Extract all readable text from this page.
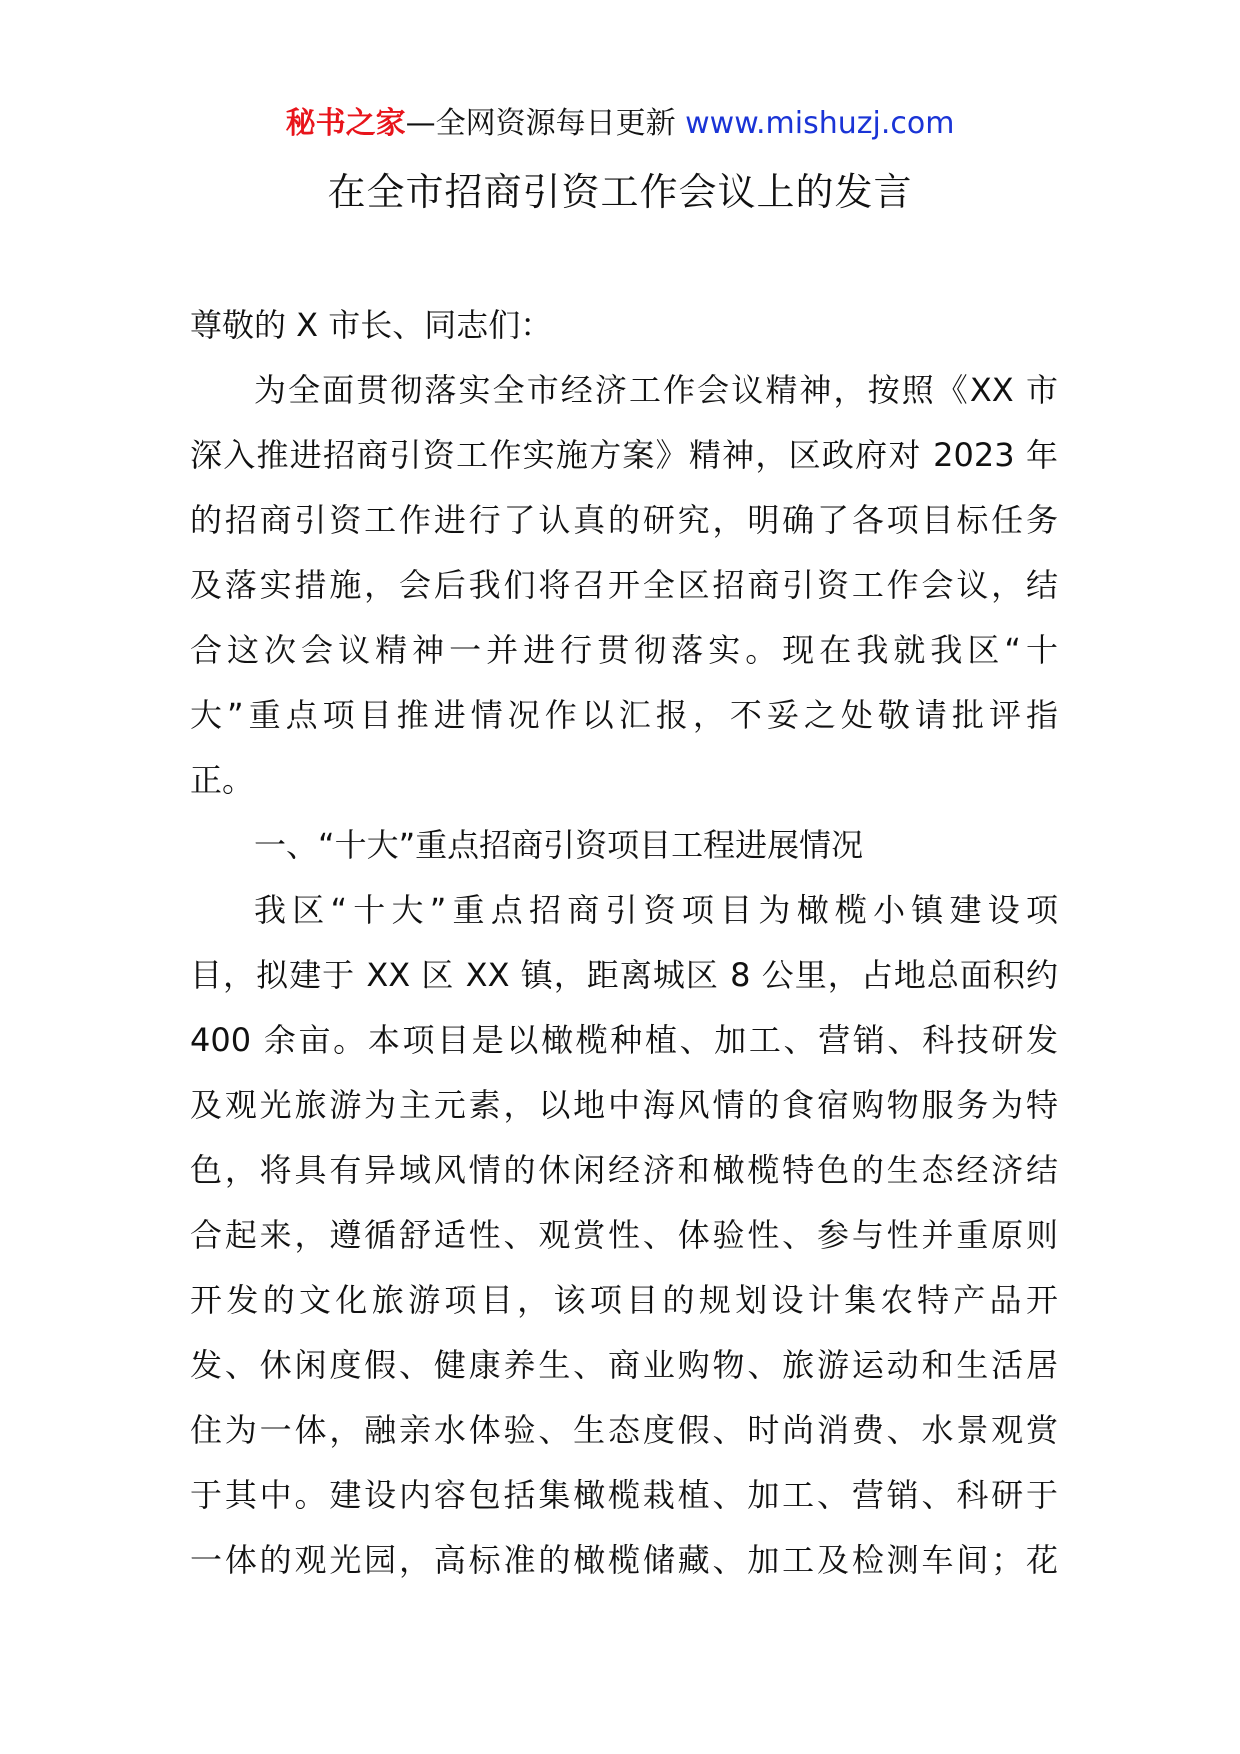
秘书之家—全网资源每日更新 www.mishuzj.com
在全市招商引资工作会议上的发言
尊敬的 X 市长、同志们：
为全面贯彻落实全市经济工作会议精神，按照《XX 市
深入推进招商引资工作实施方案》精神，区政府对 2023 年
的招商引资工作进行了认真的研究，明确了各项目标任务
及落实措施，会后我们将召开全区招商引资工作会议，结
合这次会议精神一并进行贯彻落实。现在我就我区“十
大”重点项目推进情况作以汇报，不妥之处敬请批评指
正。
一、“十大”重点招商引资项目工程进展情况
我区“十大”重点招商引资项目为橄榄小镇建设项
目，拟建于 XX 区 XX 镇，距离城区 8 公里，占地总面积约
400 余亩。本项目是以橄榄种植、加工、营销、科技研发
及观光旅游为主元素，以地中海风情的食宿购物服务为特
色，将具有异域风情的休闲经济和橄榄特色的生态经济结
合起来，遵循舒适性、观赏性、体验性、参与性并重原则
开发的文化旅游项目，该项目的规划设计集农特产品开
发、休闲度假、健康养生、商业购物、旅游运动和生活居
住为一体，融亲水体验、生态度假、时尚消费、水景观赏
于其中。建设内容包括集橄榄栽植、加工、营销、科研于
一体的观光园，高标准的橄榄储藏、加工及检测车间；花
